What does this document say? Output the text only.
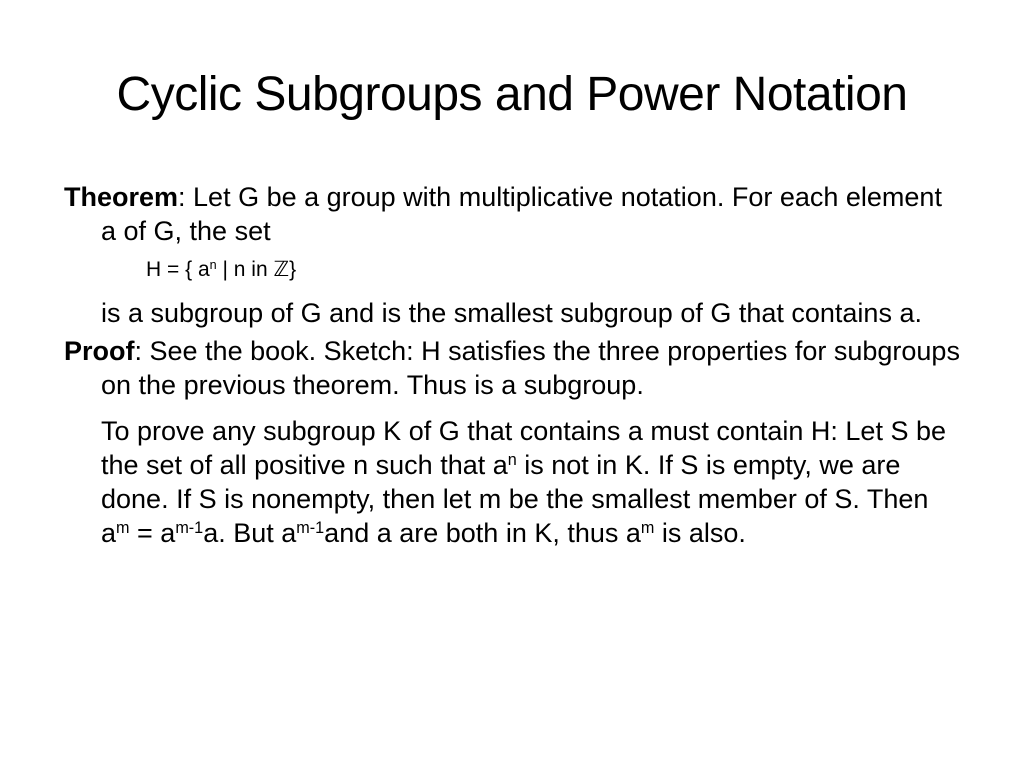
Cyclic Subgroups and Power Notation

Theorem: Let G be a group with multiplicative notation. For each element a of G, the set

H = { $a^n$ | n in ℤ}

is a subgroup of G and is the smallest subgroup of G that contains a.

Proof: See the book. Sketch: H satisfies the three properties for subgroups on the previous theorem. Thus is a subgroup.

To prove any subgroup K of G that contains a must contain H: Let S be the set of all positive n such that $a^n$ is not in K. If S is empty, we are done. If S is nonempty, then let m be the smallest member of S. Then $a^m = a^{m-1}a$. But $a^{m-1}and$ a are both in K, thus $a^m$ is also.
